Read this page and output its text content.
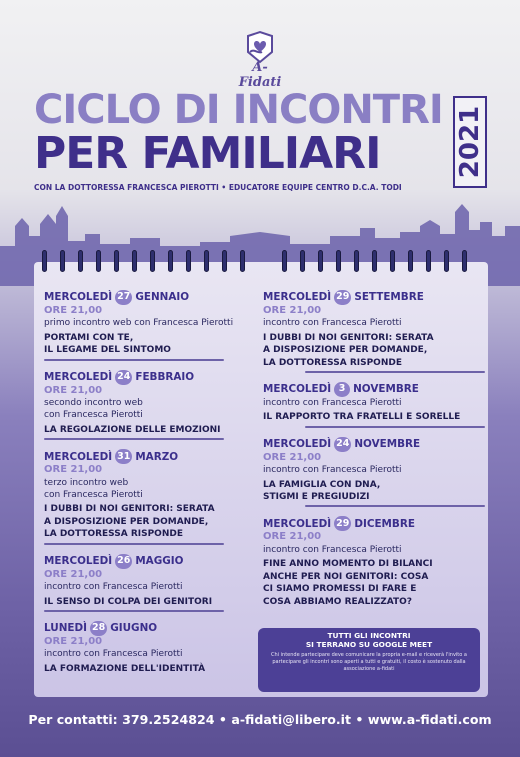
A-Fidati
CICLO DI INCONTRI
PER FAMILIARI	2021
CON LA DOTTORESSA FRANCESCA PIEROTTI • EDUCATORE EQUIPE CENTRO D.C.A. TODI
MERCOLEDÌ 27 GENNAIO
ORE 21,00
primo incontro web con Francesca Pierotti
PORTAMI CON TE,
IL LEGAME DEL SINTOMO
MERCOLEDÌ 24 FEBBRAIO
ORE 21,00
secondo incontro web
con Francesca Pierotti
LA REGOLAZIONE DELLE EMOZIONI
MERCOLEDÌ 31 MARZO
ORE 21,00
terzo incontro web
con Francesca Pierotti
I DUBBI DI NOI GENITORI: SERATA
A DISPOSIZIONE PER DOMANDE,
LA DOTTORESSA RISPONDE
MERCOLEDÌ 26 MAGGIO
ORE 21,00
incontro con Francesca Pierotti
IL SENSO DI COLPA DEI GENITORI
LUNEDÌ 28 GIUGNO
ORE 21,00
incontro con Francesca Pierotti
LA FORMAZIONE DELL'IDENTITÀ
MERCOLEDÌ 29 SETTEMBRE
ORE 21,00
incontro con Francesca Pierotti
I DUBBI DI NOI GENITORI: SERATA
A DISPOSIZIONE PER DOMANDE,
LA DOTTORESSA RISPONDE
MERCOLEDÌ 3 NOVEMBRE
incontro con Francesca Pierotti
IL RAPPORTO TRA FRATELLI E SORELLE
MERCOLEDÌ 24 NOVEMBRE
ORE 21,00
incontro con Francesca Pierotti
LA FAMIGLIA CON DNA,
STIGMI E PREGIUDIZI
MERCOLEDÌ 29 DICEMBRE
ORE 21,00
incontro con Francesca Pierotti
FINE ANNO MOMENTO DI BILANCI
ANCHE PER NOI GENITORI: COSA
CI SIAMO PROMESSI DI FARE E
COSA ABBIAMO REALIZZATO?
TUTTI GLI INCONTRI
SI TERRANO SU GOOGLE MEET
Chi intende partecipare deve comunicare la propria e-mail e riceverà l'invito a partecipare gli incontri sono aperti a tutti e gratuiti, il costo è sostenuto dalla associazione a-fidati
Per contatti: 379.2524824 • a-fidati@libero.it • www.a-fidati.com
